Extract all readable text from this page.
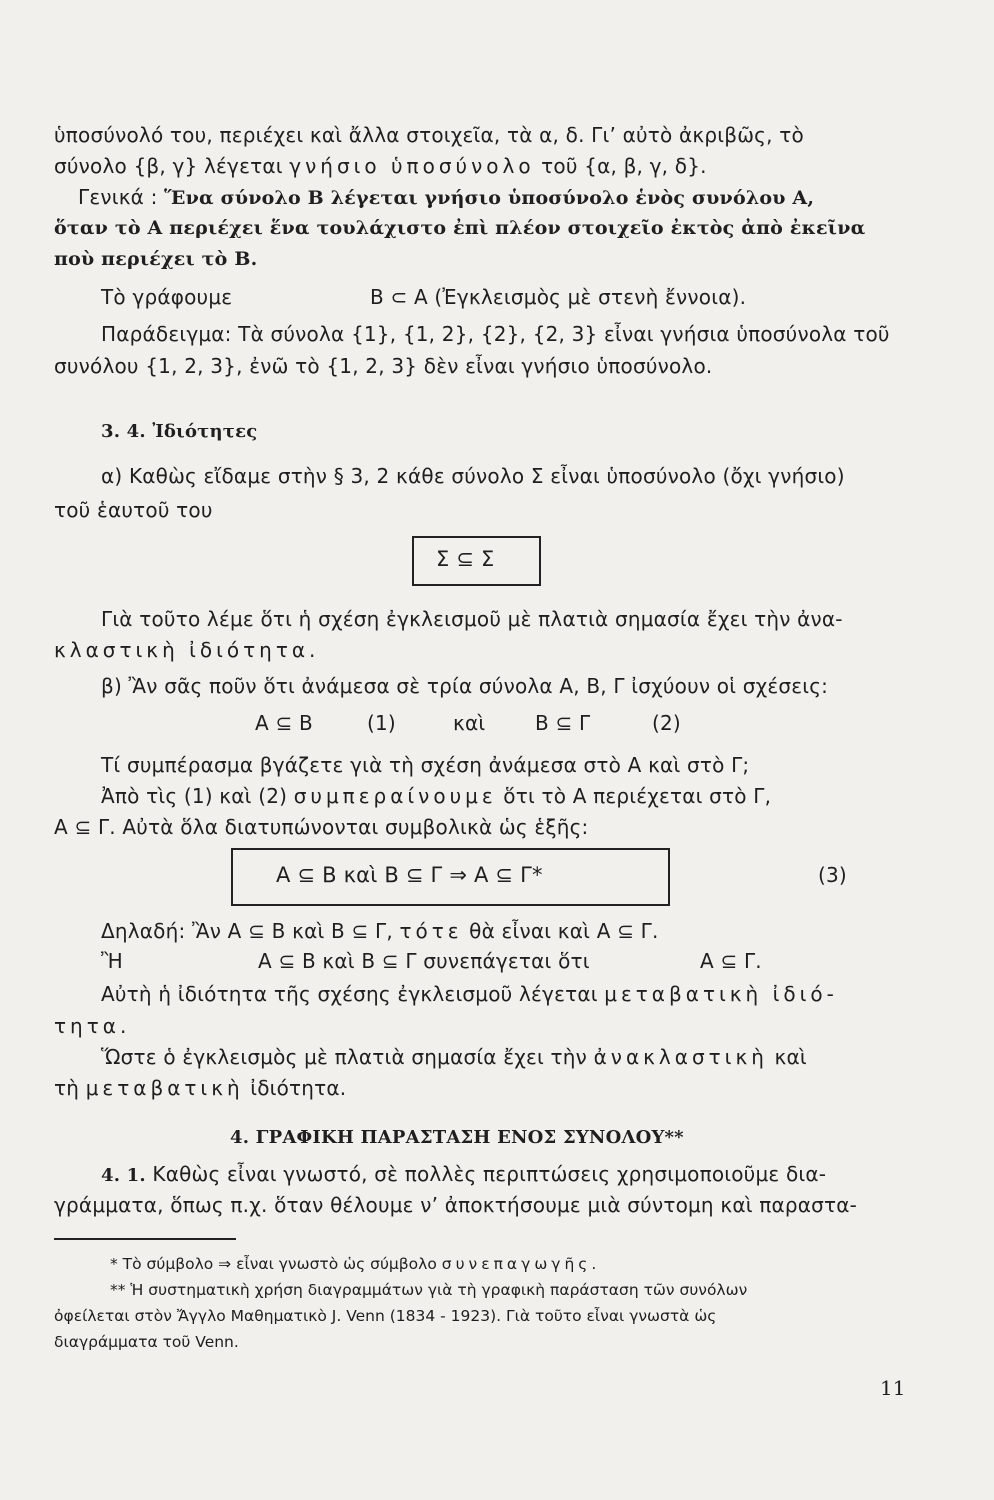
ὑποσύνολό του, περιέχει καὶ ἄλλα στοιχεῖα, τὰ α, δ. Γι’ αὐτὸ ἀκριβῶς, τὸ
σύνολο {β, γ} λέγεται γνήσιο ὑποσύνολο τοῦ {α, β, γ, δ}.
Γενικά : Ἕνα σύνολο Β λέγεται γνήσιο ὑποσύνολο ἑνὸς συνόλου Α,
ὅταν τὸ Α περιέχει ἕνα τουλάχιστο ἐπὶ πλέον στοιχεῖο ἐκτὸς ἀπὸ ἐκεῖνα
ποὺ περιέχει τὸ Β.
Τὸ γράφουμε	Β ⊂ Α (Ἐγκλεισμὸς μὲ στενὴ ἔννοια).
Παράδειγμα: Τὰ σύνολα {1}, {1, 2}, {2}, {2, 3} εἶναι γνήσια ὑποσύνολα τοῦ
συνόλου {1, 2, 3}, ἐνῶ τὸ {1, 2, 3} δὲν εἶναι γνήσιο ὑποσύνολο.
3. 4. Ἰδιότητες
α) Καθὼς εἴδαμε στὴν § 3, 2 κάθε σύνολο Σ εἶναι ὑποσύνολο (ὄχι γνήσιο)
τοῦ ἑαυτοῦ του
Σ ⊆ Σ
Γιὰ τοῦτο λέμε ὅτι ἡ σχέση ἐγκλεισμοῦ μὲ πλατιὰ σημασία ἔχει τὴν ἀνα-
κλαστικὴ ἰδιότητα.
β) Ἂν σᾶς ποῦν ὅτι ἀνάμεσα σὲ τρία σύνολα Α, Β, Γ ἰσχύουν οἱ σχέσεις:
Α ⊆ Β	(1)	καὶ Β ⊆ Γ	(2)
Τί συμπέρασμα βγάζετε γιὰ τὴ σχέση ἀνάμεσα στὸ Α καὶ στὸ Γ;
Ἀπὸ τὶς (1) καὶ (2) συμπεραίνουμε ὅτι τὸ Α περιέχεται στὸ Γ,
Α ⊆ Γ. Αὐτὰ ὅλα διατυπώνονται συμβολικὰ ὡς ἑξῆς:
Α ⊆ Β καὶ Β ⊆ Γ ⇒ Α ⊆ Γ*	(3)
Δηλαδή: Ἂν Α ⊆ Β καὶ Β ⊆ Γ, τότε θὰ εἶναι καὶ Α ⊆ Γ.
Ἢ	Α ⊆ Β καὶ Β ⊆ Γ συνεπάγεται ὅτι	Α ⊆ Γ.
Αὐτὴ ἡ ἰδιότητα τῆς σχέσης ἐγκλεισμοῦ λέγεται μεταβατικὴ ἰδιό-
τητα.
Ὥστε ὁ ἐγκλεισμὸς μὲ πλατιὰ σημασία ἔχει τὴν ἀνακλαστικὴ καὶ
τὴ μεταβατικὴ ἰδιότητα.
4. ΓΡΑΦΙΚΗ ΠΑΡΑΣΤΑΣΗ ΕΝΟΣ ΣΥΝΟΛΟΥ**
4. 1. Καθὼς εἶναι γνωστό, σὲ πολλὲς περιπτώσεις χρησιμοποιοῦμε δια-
γράμματα, ὅπως π.χ. ὅταν θέλουμε ν’ ἀποκτήσουμε μιὰ σύντομη καὶ παραστα-
* Τὸ σύμβολο ⇒ εἶναι γνωστὸ ὡς σύμβολο συνεπαγωγῆς.
** Ἡ συστηματικὴ χρήση διαγραμμάτων γιὰ τὴ γραφικὴ παράσταση τῶν συνόλων
ὀφείλεται στὸν Ἄγγλο Μαθηματικὸ J. Venn (1834 - 1923). Γιὰ τοῦτο εἶναι γνωστὰ ὡς
διαγράμματα τοῦ Venn.
11
